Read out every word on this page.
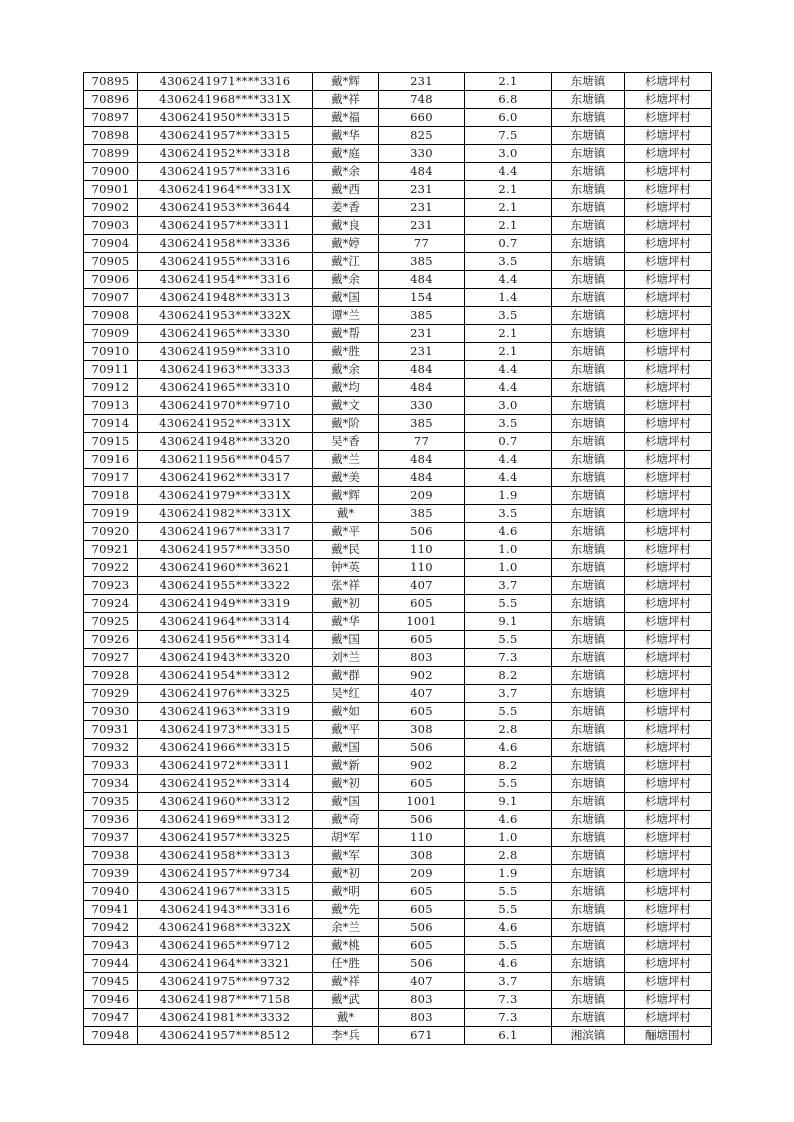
70895	4306241971****3316	戴*辉	231	2.1	东塘镇	杉塘坪村
70896	4306241968****331X	戴*祥	748	6.8	东塘镇	杉塘坪村
70897	4306241950****3315	戴*福	660	6.0	东塘镇	杉塘坪村
70898	4306241957****3315	戴*华	825	7.5	东塘镇	杉塘坪村
70899	4306241952****3318	戴*庭	330	3.0	东塘镇	杉塘坪村
70900	4306241957****3316	戴*余	484	4.4	东塘镇	杉塘坪村
70901	4306241964****331X	戴*西	231	2.1	东塘镇	杉塘坪村
70902	4306241953****3644	姜*香	231	2.1	东塘镇	杉塘坪村
70903	4306241957****3311	戴*良	231	2.1	东塘镇	杉塘坪村
70904	4306241958****3336	戴*婷	77	0.7	东塘镇	杉塘坪村
70905	4306241955****3316	戴*江	385	3.5	东塘镇	杉塘坪村
70906	4306241954****3316	戴*余	484	4.4	东塘镇	杉塘坪村
70907	4306241948****3313	戴*国	154	1.4	东塘镇	杉塘坪村
70908	4306241953****332X	谭*兰	385	3.5	东塘镇	杉塘坪村
70909	4306241965****3330	戴*帮	231	2.1	东塘镇	杉塘坪村
70910	4306241959****3310	戴*胜	231	2.1	东塘镇	杉塘坪村
70911	4306241963****3333	戴*余	484	4.4	东塘镇	杉塘坪村
70912	4306241965****3310	戴*均	484	4.4	东塘镇	杉塘坪村
70913	4306241970****9710	戴*文	330	3.0	东塘镇	杉塘坪村
70914	4306241952****331X	戴*阶	385	3.5	东塘镇	杉塘坪村
70915	4306241948****3320	吴*香	77	0.7	东塘镇	杉塘坪村
70916	4306211956****0457	戴*兰	484	4.4	东塘镇	杉塘坪村
70917	4306241962****3317	戴*美	484	4.4	东塘镇	杉塘坪村
70918	4306241979****331X	戴*辉	209	1.9	东塘镇	杉塘坪村
70919	4306241982****331X	戴*	385	3.5	东塘镇	杉塘坪村
70920	4306241967****3317	戴*平	506	4.6	东塘镇	杉塘坪村
70921	4306241957****3350	戴*民	110	1.0	东塘镇	杉塘坪村
70922	4306241960****3621	钟*英	110	1.0	东塘镇	杉塘坪村
70923	4306241955****3322	张*祥	407	3.7	东塘镇	杉塘坪村
70924	4306241949****3319	戴*初	605	5.5	东塘镇	杉塘坪村
70925	4306241964****3314	戴*华	1001	9.1	东塘镇	杉塘坪村
70926	4306241956****3314	戴*国	605	5.5	东塘镇	杉塘坪村
70927	4306241943****3320	刘*兰	803	7.3	东塘镇	杉塘坪村
70928	4306241954****3312	戴*群	902	8.2	东塘镇	杉塘坪村
70929	4306241976****3325	吴*红	407	3.7	东塘镇	杉塘坪村
70930	4306241963****3319	戴*如	605	5.5	东塘镇	杉塘坪村
70931	4306241973****3315	戴*平	308	2.8	东塘镇	杉塘坪村
70932	4306241966****3315	戴*国	506	4.6	东塘镇	杉塘坪村
70933	4306241972****3311	戴*新	902	8.2	东塘镇	杉塘坪村
70934	4306241952****3314	戴*初	605	5.5	东塘镇	杉塘坪村
70935	4306241960****3312	戴*国	1001	9.1	东塘镇	杉塘坪村
70936	4306241969****3312	戴*奇	506	4.6	东塘镇	杉塘坪村
70937	4306241957****3325	胡*军	110	1.0	东塘镇	杉塘坪村
70938	4306241958****3313	戴*军	308	2.8	东塘镇	杉塘坪村
70939	4306241957****9734	戴*初	209	1.9	东塘镇	杉塘坪村
70940	4306241967****3315	戴*明	605	5.5	东塘镇	杉塘坪村
70941	4306241943****3316	戴*先	605	5.5	东塘镇	杉塘坪村
70942	4306241968****332X	余*兰	506	4.6	东塘镇	杉塘坪村
70943	4306241965****9712	戴*桃	605	5.5	东塘镇	杉塘坪村
70944	4306241964****3321	任*胜	506	4.6	东塘镇	杉塘坪村
70945	4306241975****9732	戴*祥	407	3.7	东塘镇	杉塘坪村
70946	4306241987****7158	戴*武	803	7.3	东塘镇	杉塘坪村
70947	4306241981****3332	戴*	803	7.3	东塘镇	杉塘坪村
70948	4306241957****8512	李*兵	671	6.1	湘滨镇	酾塘围村
